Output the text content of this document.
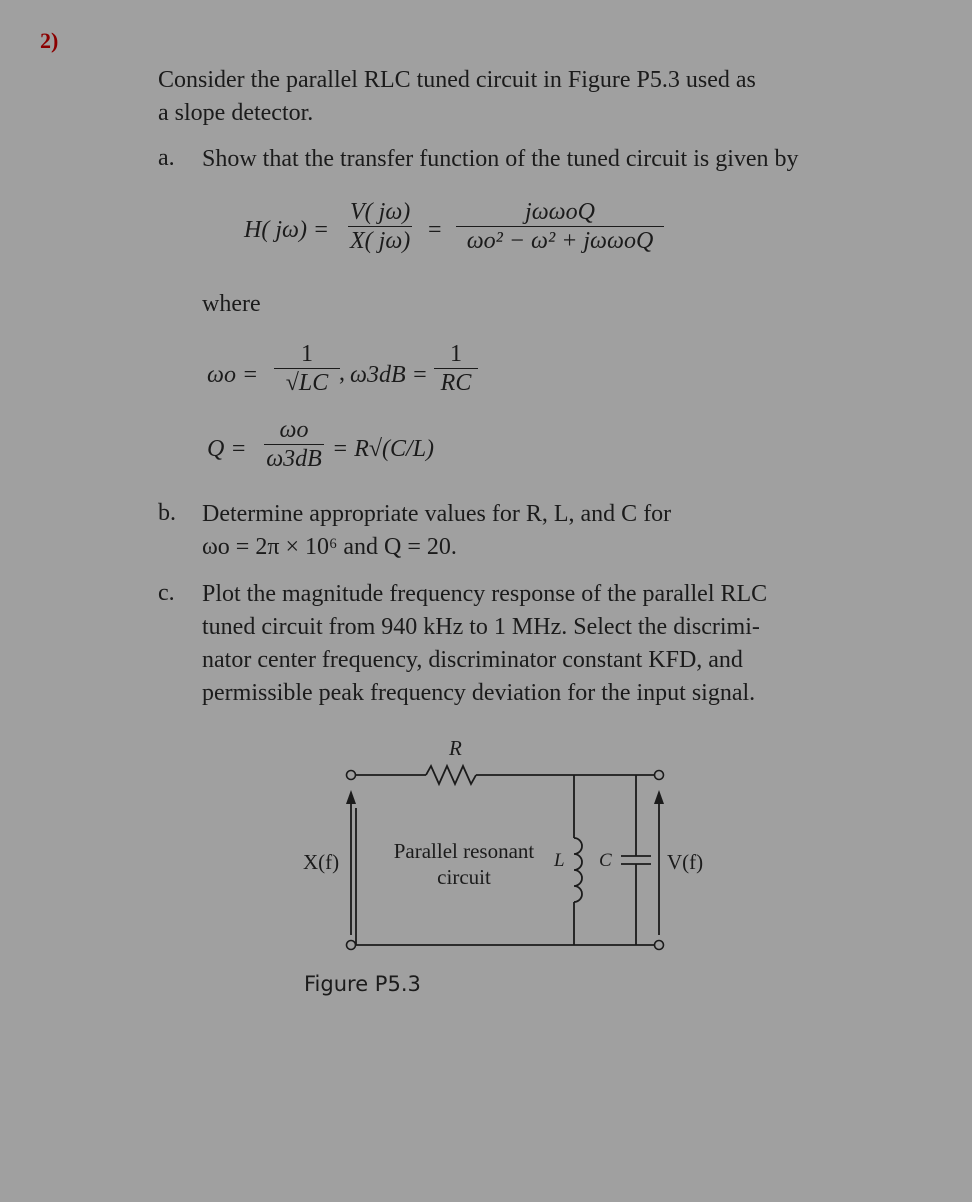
2)
Consider the parallel RLC tuned circuit in Figure P5.3 used as
a slope detector.
a. Show that the transfer function of the tuned circuit is given by
H( jω) =
V( jω)
X( jω) =
jωωoQ
ωo² − ω² + jωωoQ
where
ωo =
1
√LC , ω3dB =
1
RC
Q =
ωo
ω3dB = R√(C/L)
b. Determine appropriate values for R, L, and C for
ωo = 2π × 10⁶ and Q = 20.
c. Plot the magnitude frequency response of the parallel RLC
tuned circuit from 940 kHz to 1 MHz. Select the discrimi-
nator center frequency, discriminator constant KFD, and
permissible peak frequency deviation for the input signal.
R
X(f)	V(f)
L C
Parallel resonant
circuit
Figure P5.3
